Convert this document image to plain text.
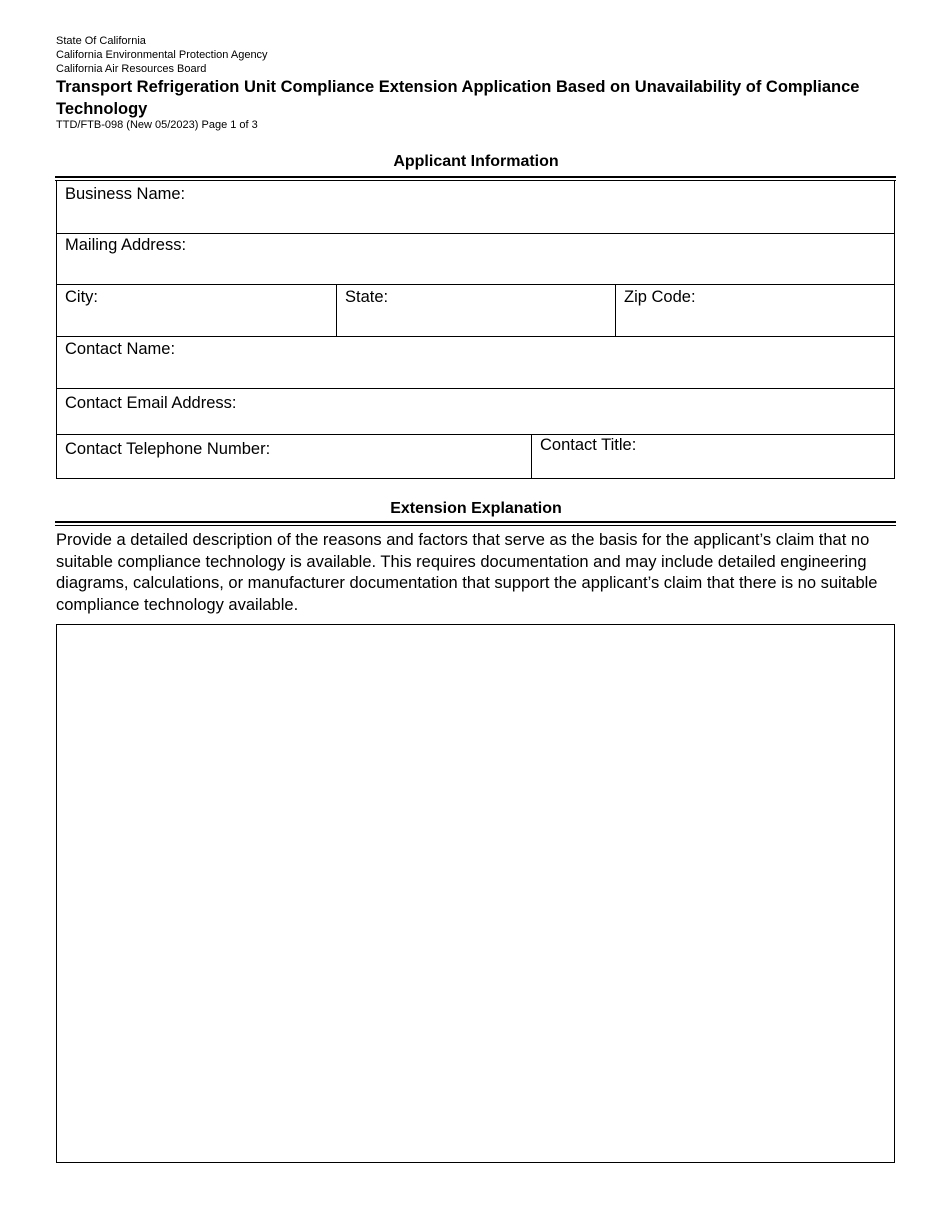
State Of California
California Environmental Protection Agency
California Air Resources Board
Transport Refrigeration Unit Compliance Extension Application Based on Unavailability of Compliance Technology
TTD/FTB-098 (New 05/2023) Page 1 of 3
Applicant Information
Business Name:
Mailing Address:
City:	State:	Zip Code:
Contact Name:
Contact Email Address:
Contact Telephone Number:	Contact Title:
Extension Explanation
Provide a detailed description of the reasons and factors that serve as the basis for the applicant’s claim that no suitable compliance technology is available. This requires documentation and may include detailed engineering diagrams, calculations, or manufacturer documentation that support the applicant’s claim that there is no suitable compliance technology available.
